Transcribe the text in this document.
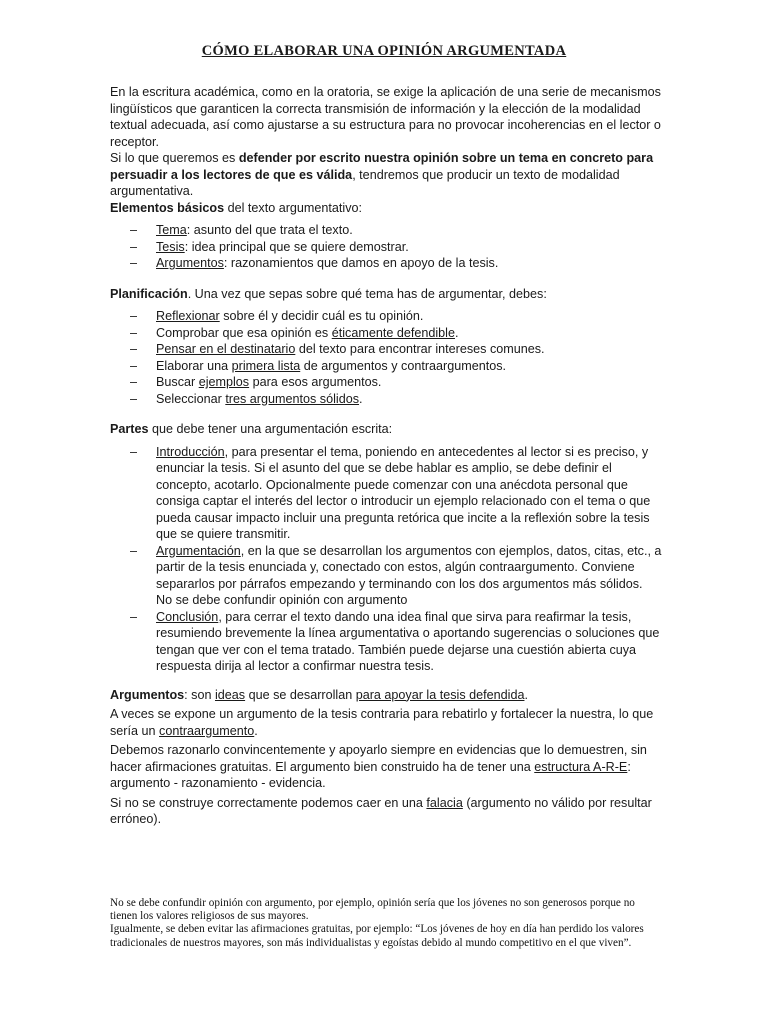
CÓMO ELABORAR UNA OPINIÓN ARGUMENTADA

En la escritura académica, como en la oratoria, se exige la aplicación de una serie de mecanismos lingüísticos que garanticen la correcta transmisión de información y la elección de la modalidad textual adecuada, así como ajustarse a su estructura para no provocar incoherencias en el lector o receptor.

Si lo que queremos es defender por escrito nuestra opinión sobre un tema en concreto para persuadir a los lectores de que es válida, tendremos que producir un texto de modalidad argumentativa.

Elementos básicos del texto argumentativo:

– Tema: asunto del que trata el texto.
– Tesis: idea principal que se quiere demostrar.
– Argumentos: razonamientos que damos en apoyo de la tesis.

Planificación. Una vez que sepas sobre qué tema has de argumentar, debes:

– Reflexionar sobre él y decidir cuál es tu opinión.
– Comprobar que esa opinión es éticamente defendible.
– Pensar en el destinatario del texto para encontrar intereses comunes.
– Elaborar una primera lista de argumentos y contraargumentos.
– Buscar ejemplos para esos argumentos.
– Seleccionar tres argumentos sólidos.

Partes que debe tener una argumentación escrita:

– Introducción, para presentar el tema, poniendo en antecedentes al lector si es preciso, y enunciar la tesis. Si el asunto del que se debe hablar es amplio, se debe definir el concepto, acotarlo. Opcionalmente puede comenzar con una anécdota personal que consiga captar el interés del lector o introducir un ejemplo relacionado con el tema o que pueda causar impacto incluir una pregunta retórica que incite a la reflexión sobre la tesis que se quiere transmitir.
– Argumentación, en la que se desarrollan los argumentos con ejemplos, datos, citas, etc., a partir de la tesis enunciada y, conectado con estos, algún contraargumento. Conviene separarlos por párrafos empezando y terminando con los dos argumentos más sólidos. No se debe confundir opinión con argumento
– Conclusión, para cerrar el texto dando una idea final que sirva para reafirmar la tesis, resumiendo brevemente la línea argumentativa o aportando sugerencias o soluciones que tengan que ver con el tema tratado. También puede dejarse una cuestión abierta cuya respuesta dirija al lector a confirmar nuestra tesis.

Argumentos: son ideas que se desarrollan para apoyar la tesis defendida.

A veces se expone un argumento de la tesis contraria para rebatirlo y fortalecer la nuestra, lo que sería un contraargumento.

Debemos razonarlo convincentemente y apoyarlo siempre en evidencias que lo demuestren, sin hacer afirmaciones gratuitas. El argumento bien construido ha de tener una estructura A-R-E: argumento - razonamiento - evidencia.

Si no se construye correctamente podemos caer en una falacia (argumento no válido por resultar erróneo).

No se debe confundir opinión con argumento, por ejemplo, opinión sería que los jóvenes no son generosos porque no tienen los valores religiosos de sus mayores.

Igualmente, se deben evitar las afirmaciones gratuitas, por ejemplo: “Los jóvenes de hoy en día han perdido los valores tradicionales de nuestros mayores, son más individualistas y egoístas debido al mundo competitivo en el que viven”.
